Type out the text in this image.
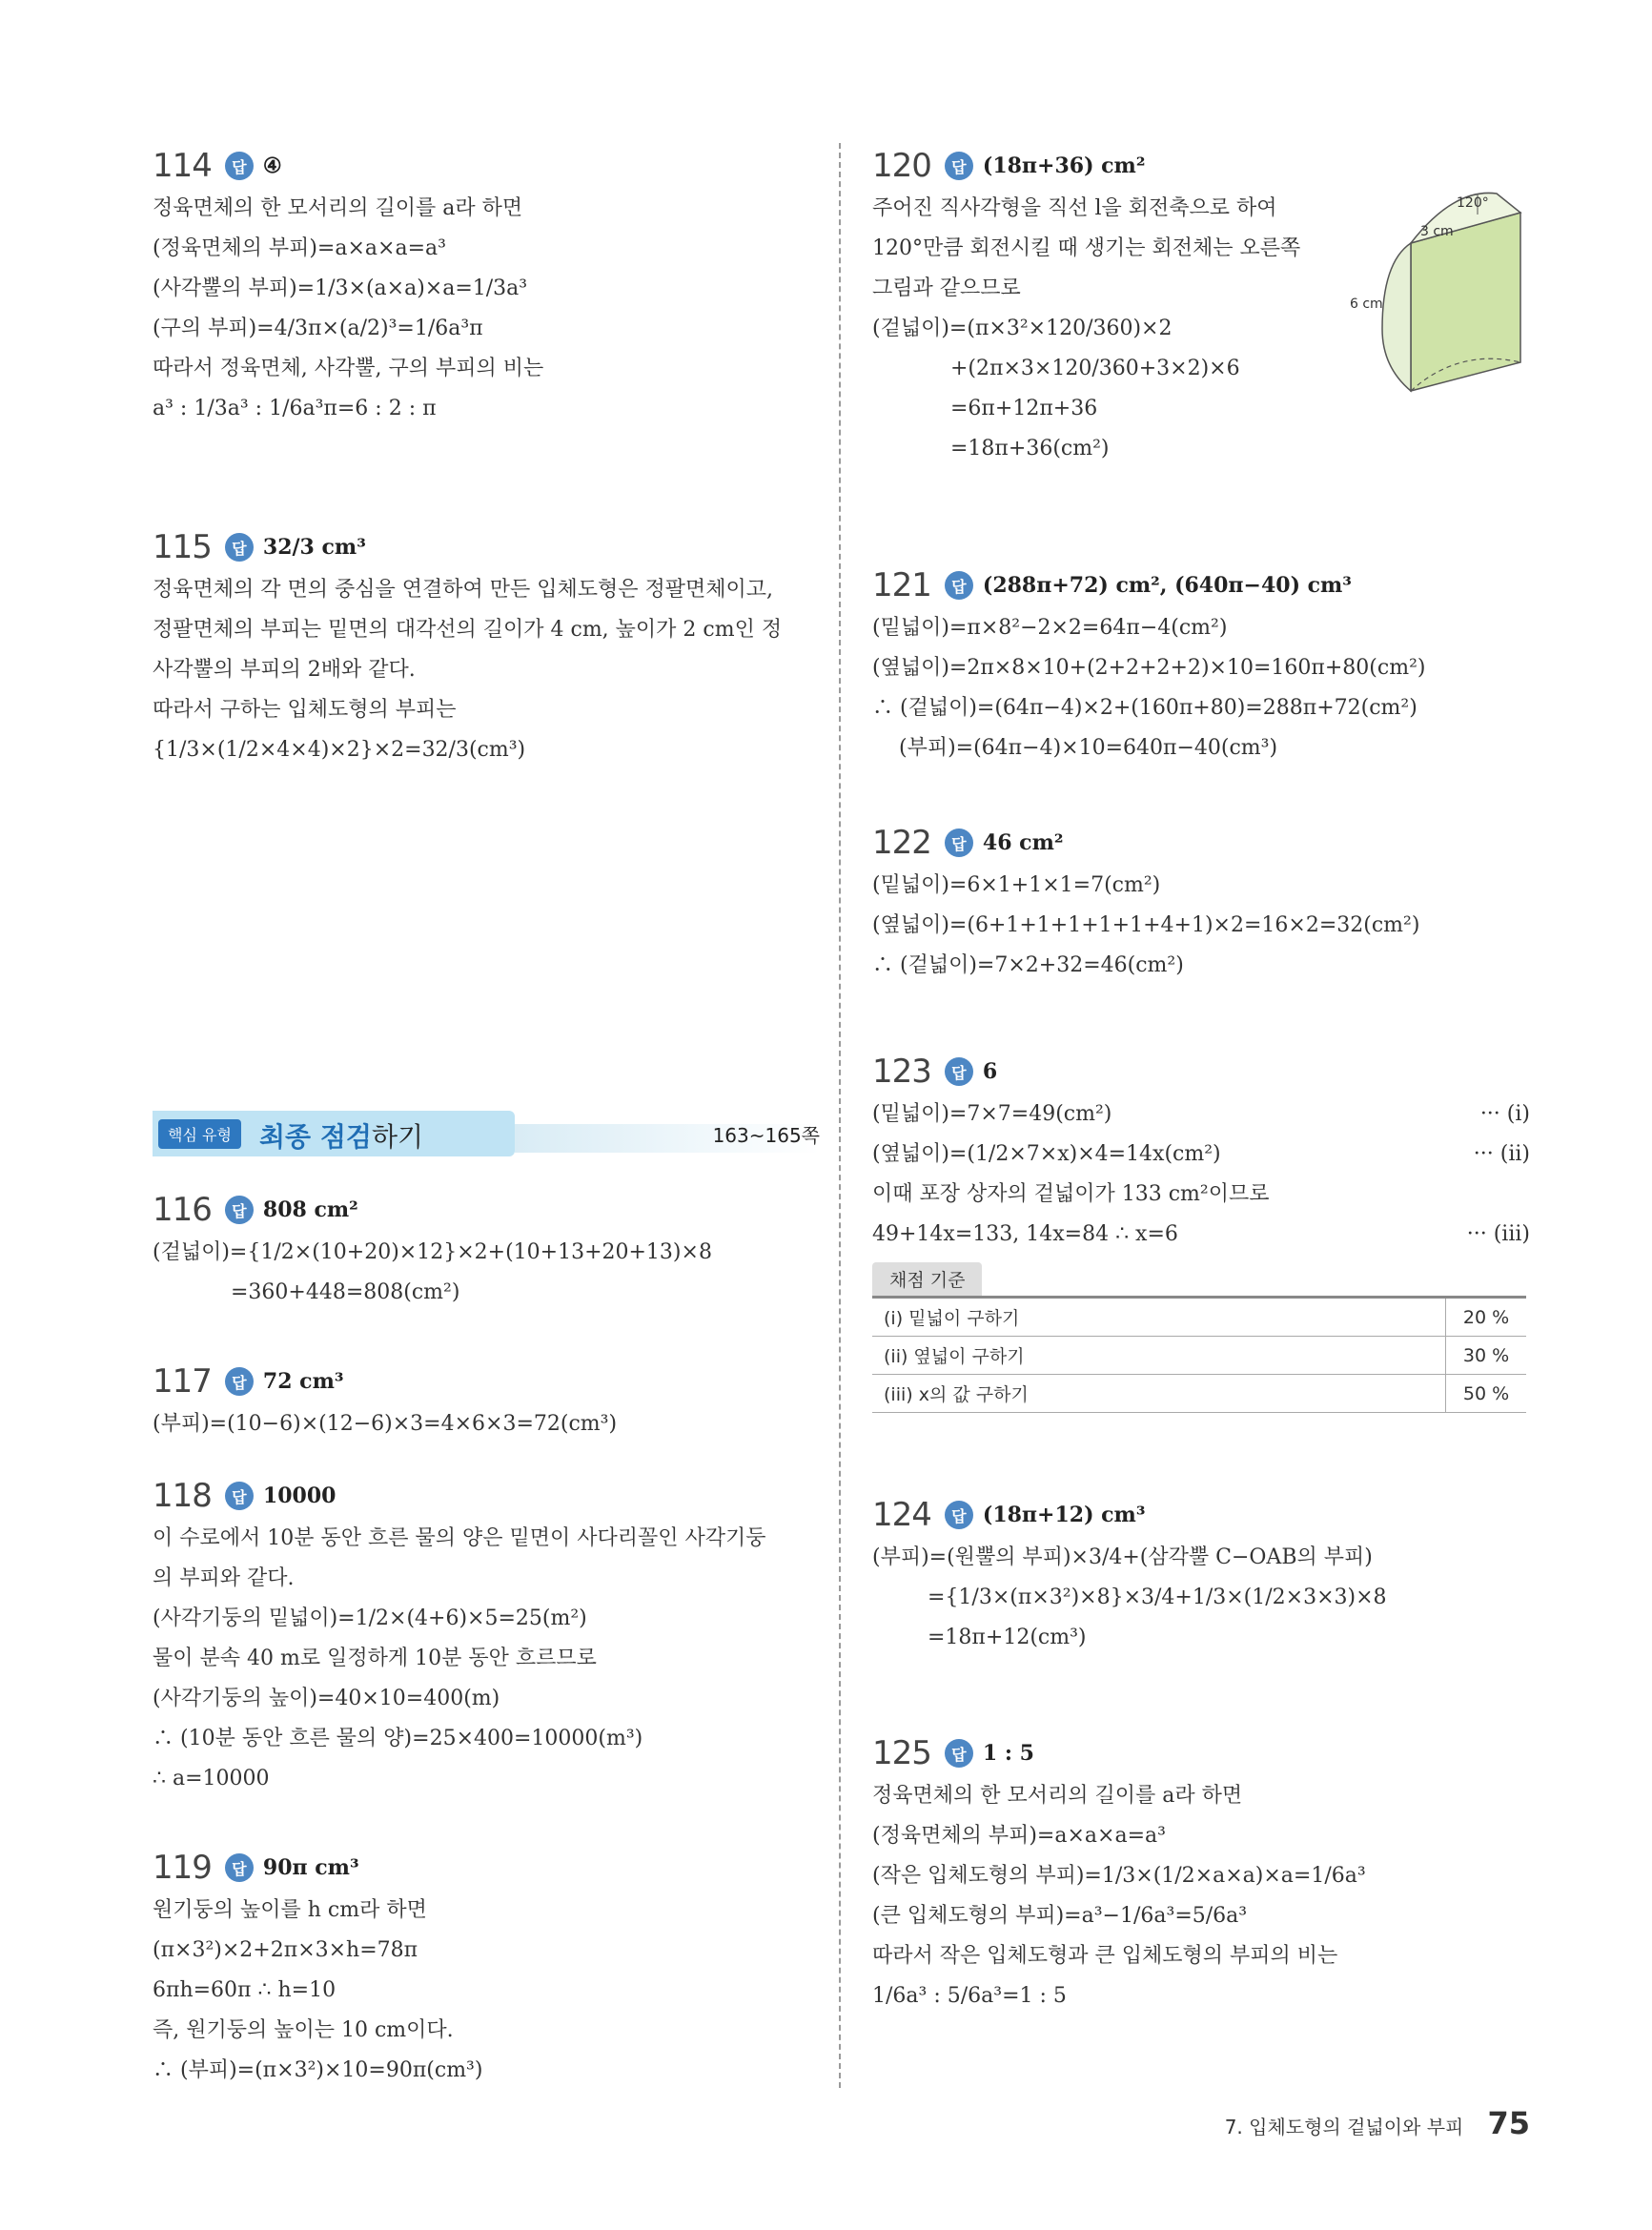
114	답 ④
정육면체의 한 모서리의 길이를 a라 하면
(정육면체의 부피)=a×a×a=a³
(사각뿔의 부피)=1/3×(a×a)×a=1/3a³
(구의 부피)=4/3π×(a/2)³=1/6a³π
따라서 정육면체, 사각뿔, 구의 부피의 비는
a³ : 1/3a³ : 1/6a³π=6 : 2 : π
115	답 32/3 cm³
정육면체의 각 면의 중심을 연결하여 만든 입체도형은 정팔면체이고,
정팔면체의 부피는 밑면의 대각선의 길이가 4 cm, 높이가 2 cm인 정
사각뿔의 부피의 2배와 같다.
따라서 구하는 입체도형의 부피는
{1/3×(1/2×4×4)×2}×2=32/3(cm³)
핵심 유형	최종 점검하기	163~165쪽
116	답 808 cm²
(겉넓이)={1/2×(10+20)×12}×2+(10+13+20+13)×8
=360+448=808(cm²)
117	답 72 cm³
(부피)=(10−6)×(12−6)×3=4×6×3=72(cm³)
118	답 10000
이 수로에서 10분 동안 흐른 물의 양은 밑면이 사다리꼴인 사각기둥
의 부피와 같다.
(사각기둥의 밑넓이)=1/2×(4+6)×5=25(m²)
물이 분속 40 m로 일정하게 10분 동안 흐르므로
(사각기둥의 높이)=40×10=400(m)
∴ (10분 동안 흐른 물의 양)=25×400=10000(m³)
∴ a=10000
119	답 90π cm³
원기둥의 높이를 h cm라 하면
(π×3²)×2+2π×3×h=78π
6πh=60π ∴ h=10
즉, 원기둥의 높이는 10 cm이다.
∴ (부피)=(π×3²)×10=90π(cm³)
120	답 (18π+36) cm²
주어진 직사각형을 직선 l을 회전축으로 하여
120°만큼 회전시킬 때 생기는 회전체는 오른쪽
그림과 같으므로
(겉넓이)=(π×3²×120/360)×2
+(2π×3×120/360+3×2)×6
=6π+12π+36
=18π+36(cm²)
121	답 (288π+72) cm², (640π−40) cm³
(밑넓이)=π×8²−2×2=64π−4(cm²)
(옆넓이)=2π×8×10+(2+2+2+2)×10=160π+80(cm²)
∴ (겉넓이)=(64π−4)×2+(160π+80)=288π+72(cm²)
(부피)=(64π−4)×10=640π−40(cm³)
122	답 46 cm²
(밑넓이)=6×1+1×1=7(cm²)
(옆넓이)=(6+1+1+1+1+1+4+1)×2=16×2=32(cm²)
∴ (겉넓이)=7×2+32=46(cm²)
123	답 6
(밑넓이)=7×7=49(cm²)	··· (i)
(옆넓이)=(1/2×7×x)×4=14x(cm²)	··· (ii)
이때 포장 상자의 겉넓이가 133 cm²이므로
49+14x=133, 14x=84 ∴ x=6	··· (iii)
채점 기준
(i) 밑넓이 구하기	20 %
(ii) 옆넓이 구하기	30 %
(iii) x의 값 구하기	50 %
124	답 (18π+12) cm³
(부피)=(원뿔의 부피)×3/4+(삼각뿔 C−OAB의 부피)
={1/3×(π×3²)×8}×3/4+1/3×(1/2×3×3)×8
=18π+12(cm³)
125	답 1 : 5
정육면체의 한 모서리의 길이를 a라 하면
(정육면체의 부피)=a×a×a=a³
(작은 입체도형의 부피)=1/3×(1/2×a×a)×a=1/6a³
(큰 입체도형의 부피)=a³−1/6a³=5/6a³
따라서 작은 입체도형과 큰 입체도형의 부피의 비는
1/6a³ : 5/6a³=1 : 5
120°
3 cm
6 cm
7. 입체도형의 겉넓이와 부피 75
